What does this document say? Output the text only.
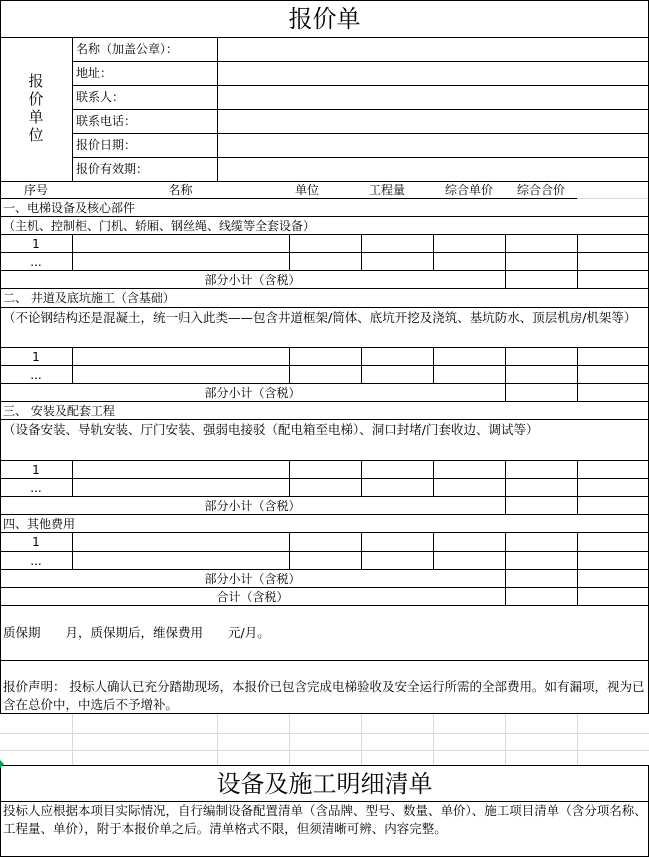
报价单
报价单位
名称（加盖公章）：
地址：
联系人：
联系电话：
报价日期：
报价有效期：
序号	名称	单位	工程量	综合单价	综合合价
一、电梯设备及核心部件
（主机、控制柜、门机、轿厢、钢丝绳、线缆等全套设备）
1
...
部分小计（含税）
二、 井道及底坑施工（含基础）
（不论钢结构还是混凝土，统一归入此类——包含井道框架/筒体、底坑开挖及浇筑、基坑防水、顶层机房/机架等）
1
...
部分小计（含税）
三、 安装及配套工程
（设备安装、导轨安装、厅门安装、强弱电接驳（配电箱至电梯）、洞口封堵/门套收边、调试等）
1
...
部分小计（含税）
四、其他费用
1
...
部分小计（含税）
合计（含税）
质保期　　月，质保期后，维保费用　　元/月。
报价声明： 投标人确认已充分踏勘现场，本报价已包含完成电梯验收及安全运行所需的全部费用。如有漏项，视为已含在总价中，中选后不予增补。
设备及施工明细清单
投标人应根据本项目实际情况，自行编制设备配置清单（含品牌、型号、数量、单价）、施工项目清单（含分项名称、工程量、单价），附于本报价单之后。清单格式不限，但须清晰可辨、内容完整。
